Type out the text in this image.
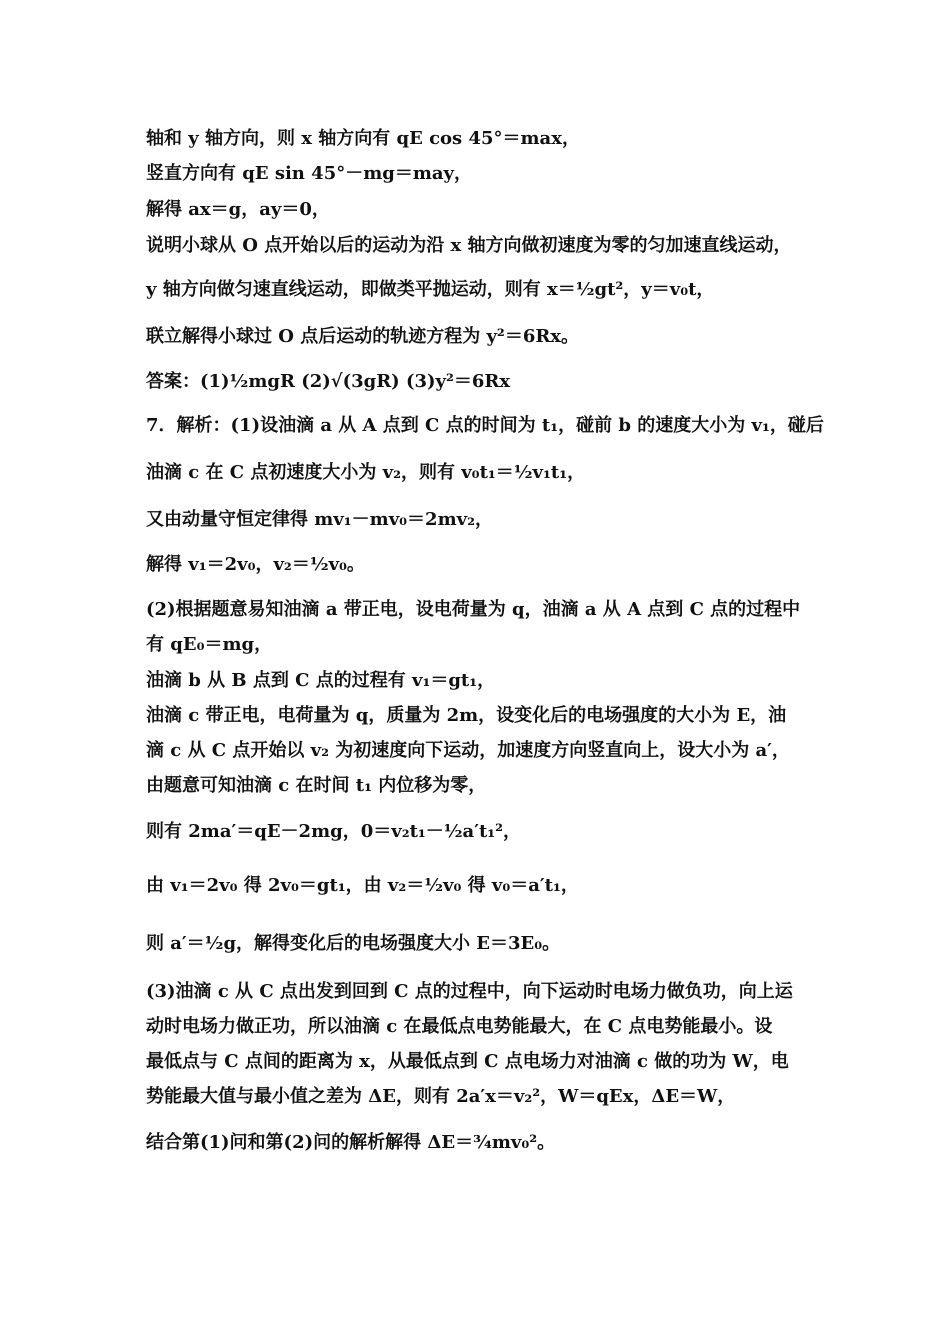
轴和 y 轴方向，则 x 轴方向有 qE cos 45°＝max，
竖直方向有 qE sin 45°－mg＝may，
解得 ax＝g，ay＝0，
说明小球从 O 点开始以后的运动为沿 x 轴方向做初速度为零的匀加速直线运动，
y 轴方向做匀速直线运动，即做类平抛运动，则有 x＝½gt²，y＝v₀t，
联立解得小球过 O 点后运动的轨迹方程为 y²＝6Rx。
答案：(1)½mgR (2)√(3gR) (3)y²＝6Rx
7．解析：(1)设油滴 a 从 A 点到 C 点的时间为 t₁，碰前 b 的速度大小为 v₁，碰后
油滴 c 在 C 点初速度大小为 v₂，则有 v₀t₁＝½v₁t₁，
又由动量守恒定律得 mv₁－mv₀＝2mv₂，
解得 v₁＝2v₀，v₂＝½v₀。
(2)根据题意易知油滴 a 带正电，设电荷量为 q，油滴 a 从 A 点到 C 点的过程中
有 qE₀＝mg，
油滴 b 从 B 点到 C 点的过程有 v₁＝gt₁，
油滴 c 带正电，电荷量为 q，质量为 2m，设变化后的电场强度的大小为 E，油
滴 c 从 C 点开始以 v₂ 为初速度向下运动，加速度方向竖直向上，设大小为 a′，
由题意可知油滴 c 在时间 t₁ 内位移为零，
则有 2ma′＝qE－2mg，0＝v₂t₁－½a′t₁²，
由 v₁＝2v₀ 得 2v₀＝gt₁，由 v₂＝½v₀ 得 v₀＝a′t₁，
则 a′＝½g，解得变化后的电场强度大小 E＝3E₀。
(3)油滴 c 从 C 点出发到回到 C 点的过程中，向下运动时电场力做负功，向上运
动时电场力做正功，所以油滴 c 在最低点电势能最大，在 C 点电势能最小。设
最低点与 C 点间的距离为 x，从最低点到 C 点电场力对油滴 c 做的功为 W，电
势能最大值与最小值之差为 ΔE，则有 2a′x＝v₂²，W＝qEx，ΔE＝W，
结合第(1)问和第(2)问的解析解得 ΔE＝¾mv₀²。
